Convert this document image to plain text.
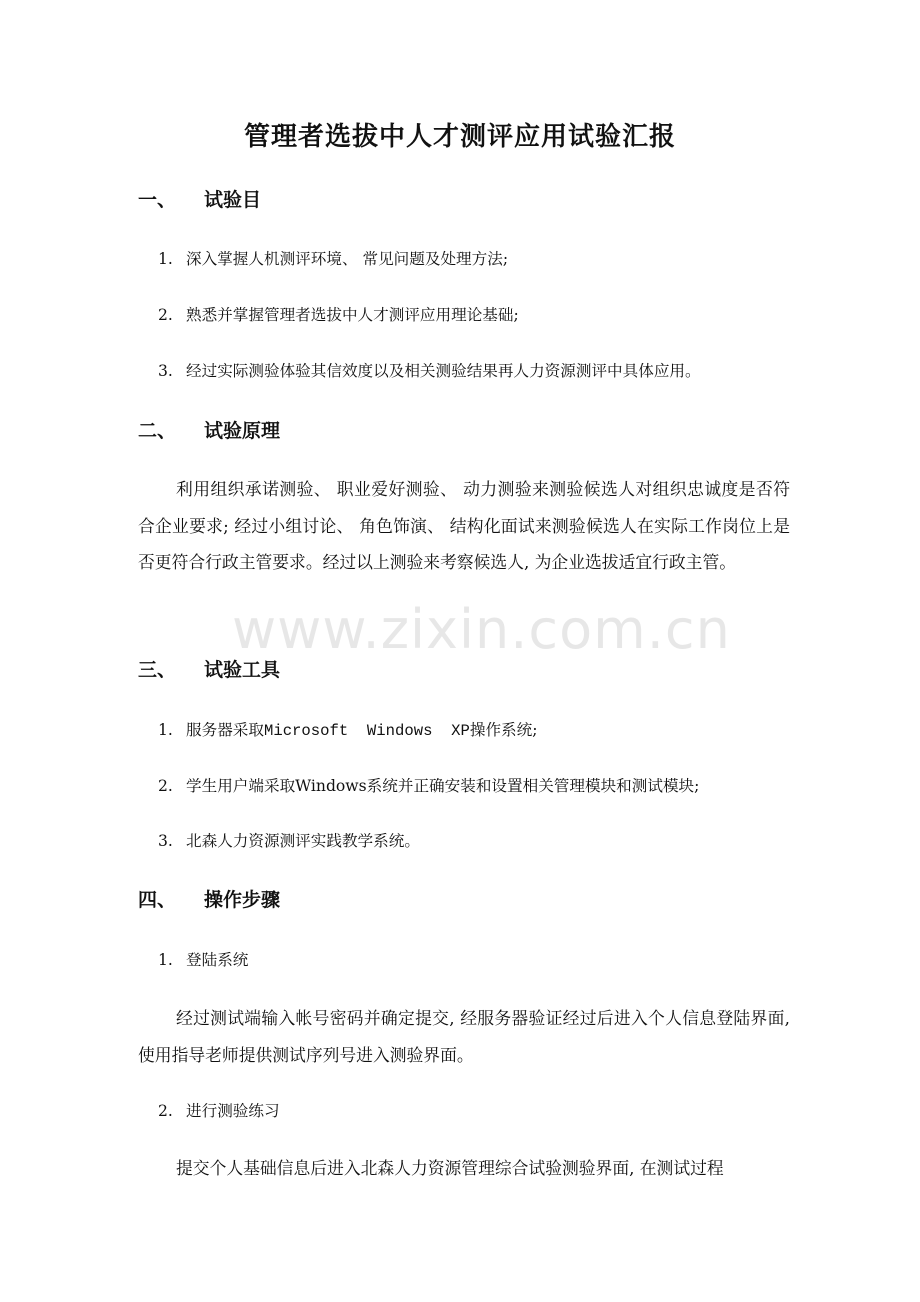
管理者选拔中人才测评应用试验汇报
一、 试验目
1. 深入掌握人机测评环境、 常见问题及处理方法;
2. 熟悉并掌握管理者选拔中人才测评应用理论基础;
3. 经过实际测验体验其信效度以及相关测验结果再人力资源测评中具体应用。
二、 试验原理
利用组织承诺测验、 职业爱好测验、 动力测验来测验候选人对组织忠诚度是否符合企业要求; 经过小组讨论、 角色饰演、 结构化面试来测验候选人在实际工作岗位上是否更符合行政主管要求。经过以上测验来考察候选人, 为企业选拔适宜行政主管。
www.zixin.com.cn
三、 试验工具
1. 服务器采取Microsoft  Windows  XP操作系统;
2. 学生用户端采取Windows系统并正确安装和设置相关管理模块和测试模块;
3. 北森人力资源测评实践教学系统。
四、 操作步骤
1. 登陆系统
经过测试端输入帐号密码并确定提交, 经服务器验证经过后进入个人信息登陆界面, 使用指导老师提供测试序列号进入测验界面。
2. 进行测验练习
提交个人基础信息后进入北森人力资源管理综合试验测验界面, 在测试过程
